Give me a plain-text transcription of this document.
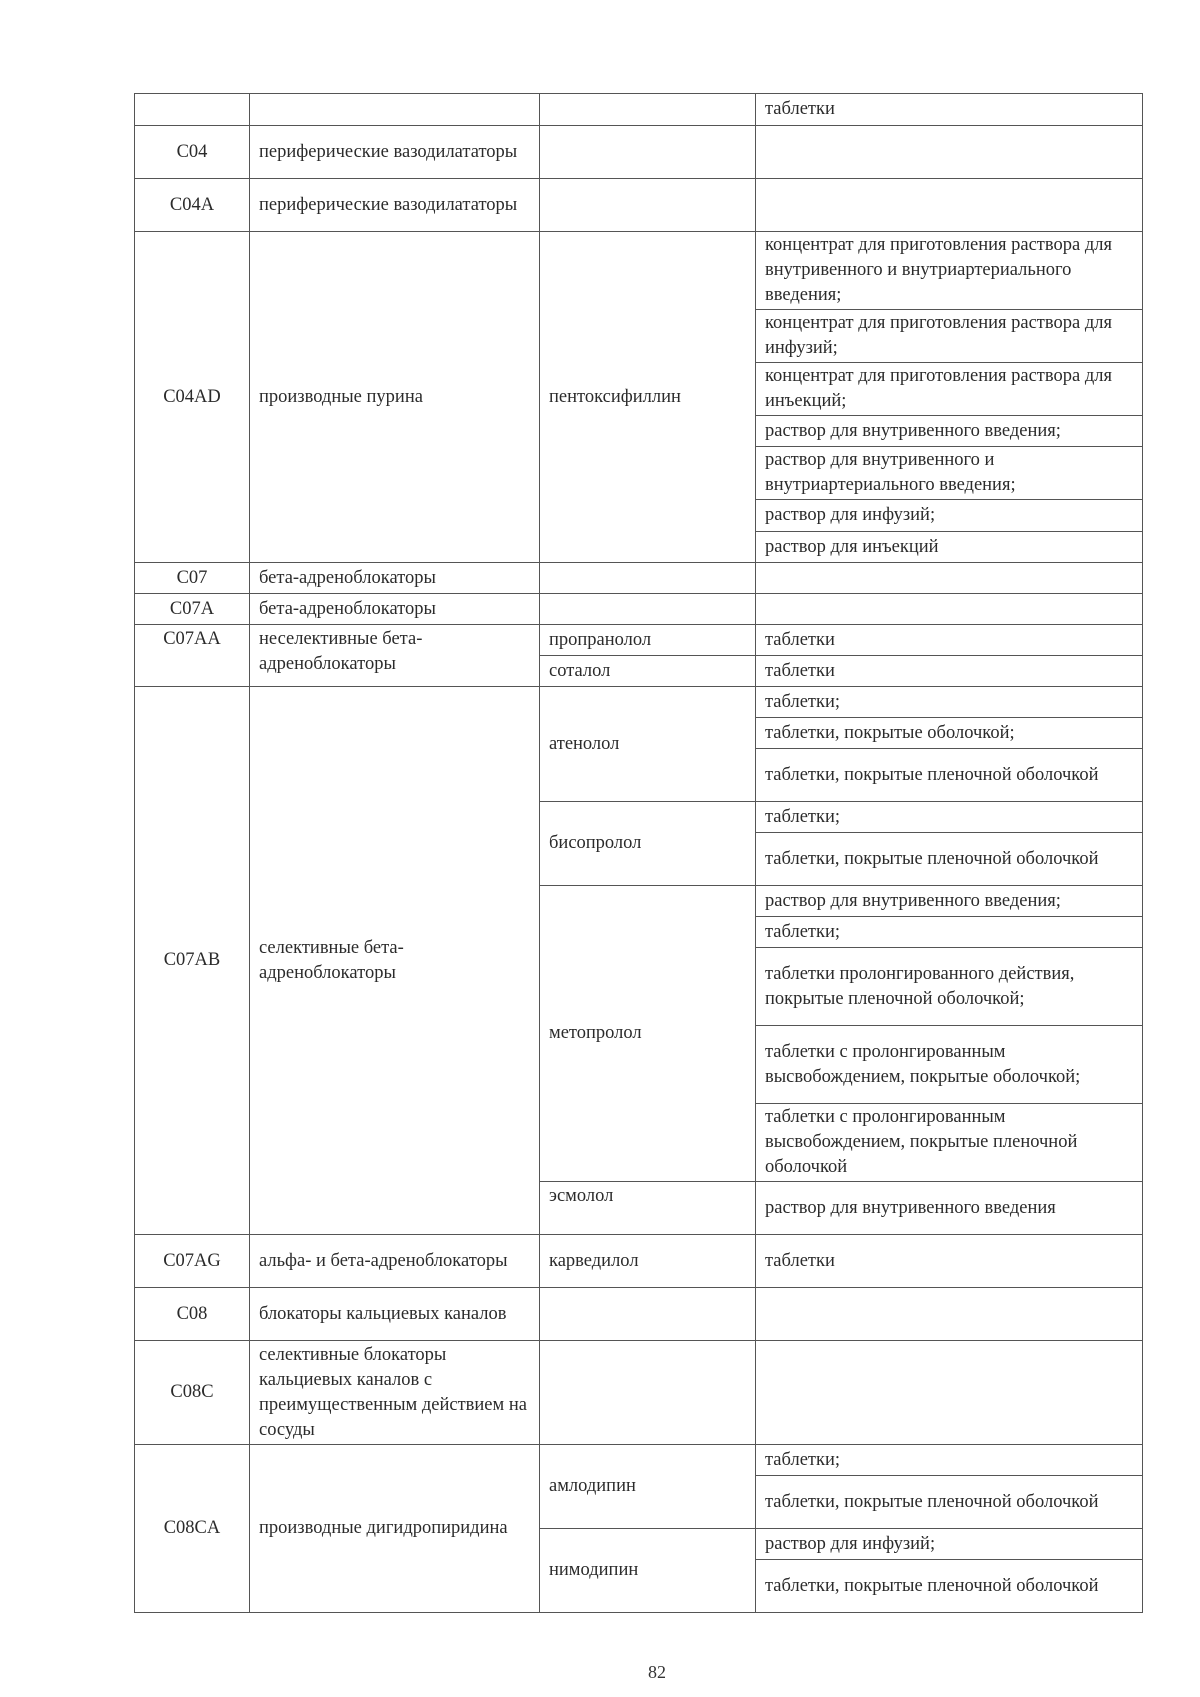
			таблетки
C04	периферические вазодилататоры		
C04A	периферические вазодилататоры		
C04AD	производные пурина	пентоксифиллин	концентрат для приготовления раствора для внутривенного и внутриартериального введения;
			концентрат для приготовления раствора для инфузий;
			концентрат для приготовления раствора для инъекций;
			раствор для внутривенного введения;
			раствор для внутривенного и внутриартериального введения;
			раствор для инфузий;
			раствор для инъекций
C07	бета-адреноблокаторы		
C07A	бета-адреноблокаторы		
C07AA	неселективные бета-адреноблокаторы	пропранолол	таблетки
		соталол	таблетки
C07AB	селективные бета-адреноблокаторы	атенолол	таблетки;
			таблетки, покрытые оболочкой;
			таблетки, покрытые пленочной оболочкой
		бисопролол	таблетки;
			таблетки, покрытые пленочной оболочкой
		метопролол	раствор для внутривенного введения;
			таблетки;
			таблетки пролонгированного действия, покрытые пленочной оболочкой;
			таблетки с пролонгированным высвобождением, покрытые оболочкой;
			таблетки с пролонгированным высвобождением, покрытые пленочной оболочкой
		эсмолол	раствор для внутривенного введения
C07AG	альфа- и бета-адреноблокаторы	карведилол	таблетки
C08	блокаторы кальциевых каналов		
C08C	селективные блокаторы кальциевых каналов с преимущественным действием на сосуды		
C08CA	производные дигидропиридина	амлодипин	таблетки;
			таблетки, покрытые пленочной оболочкой
		нимодипин	раствор для инфузий;
			таблетки, покрытые пленочной оболочкой
82
